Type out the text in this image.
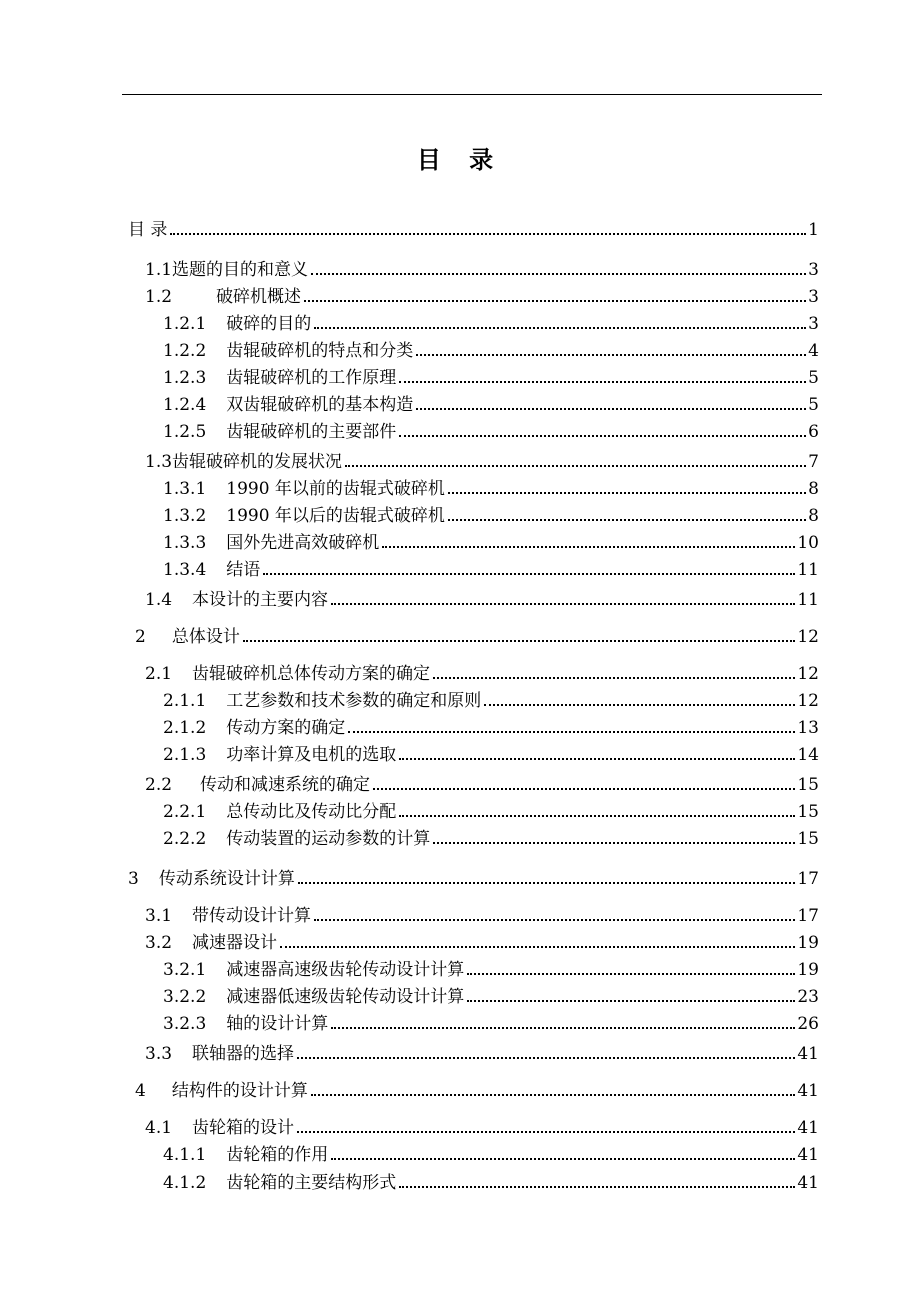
目 录
目 录	1
1.1 选题的目的和意义	3
1.2	破碎机概述	3
1.2.1 破碎的目的	3
1.2.2 齿辊破碎机的特点和分类	4
1.2.3 齿辊破碎机的工作原理	5
1.2.4 双齿辊破碎机的基本构造	5
1.2.5 齿辊破碎机的主要部件	6
1.3 齿辊破碎机的发展状况	7
1.3.1 1990 年以前的齿辊式破碎机	8
1.3.2 1990 年以后的齿辊式破碎机	8
1.3.3 国外先进高效破碎机	10
1.3.4 结语	11
1.4 本设计的主要内容	11
2 总体设计	12
2.1 齿辊破碎机总体传动方案的确定	12
2.1.1 工艺参数和技术参数的确定和原则	12
2.1.2 传动方案的确定	13
2.1.3 功率计算及电机的选取	14
2.2 传动和减速系统的确定	15
2.2.1 总传动比及传动比分配	15
2.2.2 传动装置的运动参数的计算	15
3 传动系统设计计算	17
3.1 带传动设计计算	17
3.2 减速器设计	19
3.2.1 减速器高速级齿轮传动设计计算	19
3.2.2 减速器低速级齿轮传动设计计算	23
3.2.3 轴的设计计算	26
3.3 联轴器的选择	41
4 结构件的设计计算	41
4.1 齿轮箱的设计	41
4.1.1 齿轮箱的作用	41
4.1.2 齿轮箱的主要结构形式	41
